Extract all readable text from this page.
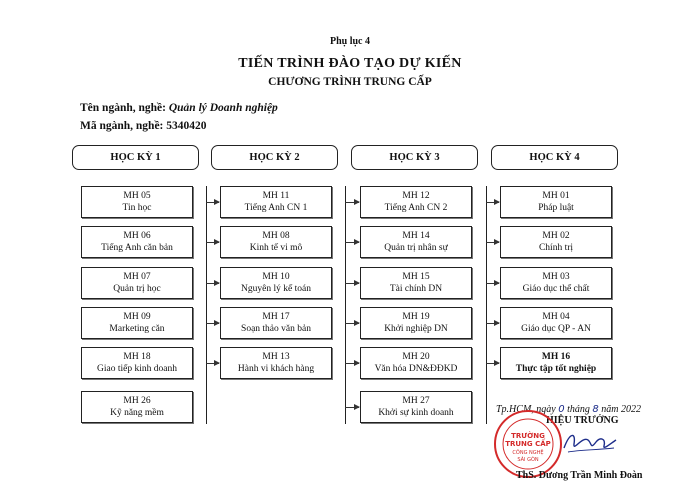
Phụ lục 4
TIẾN TRÌNH ĐÀO TẠO DỰ KIẾN
CHƯƠNG TRÌNH TRUNG CẤP
Tên ngành, nghề: Quản lý Doanh nghiệp
Mã ngành, nghề: 5340420
HỌC KỲ 1
MH 05
Tin học
MH 06
Tiếng Anh căn bản
MH 07
Quản trị học
MH 09
Marketing căn
MH 18
Giao tiếp kinh doanh
MH 26
Kỹ năng mềm
HỌC KỲ 2
MH 11
Tiếng Anh CN 1
MH 08
Kinh tế vi mô
MH 10
Nguyên lý kế toán
MH 17
Soạn thảo văn bản
MH 13
Hành vi khách hàng
HỌC KỲ 3
MH 12
Tiếng Anh CN 2
MH 14
Quản trị nhân sự
MH 15
Tài chính DN
MH 19
Khởi nghiệp DN
MH 20
Văn hóa DN&ĐĐKD
MH 27
Khởi sự kinh doanh
HỌC KỲ 4
MH 01
Pháp luật
MH 02
Chính trị
MH 03
Giáo dục thể chất
MH 04
Giáo dục QP - AN
MH 16
Thực tập tốt nghiệp
Tp.HCM, ngày 0 tháng 8 năm 2022
HIỆU TRƯỞNG
TRƯỜNG
TRUNG CẤP
CÔNG NGHỆ
SÀI GÒN
ThS. Dương Trần Minh Đoàn
